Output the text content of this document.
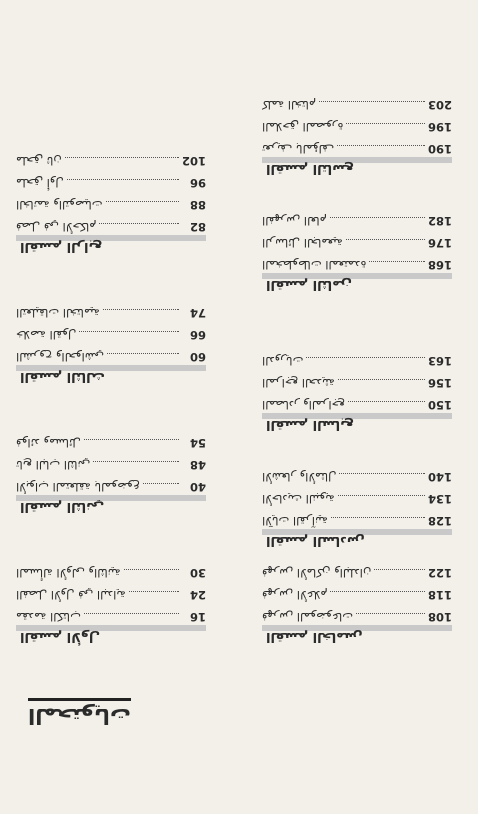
المحتويات
القسم الأول
مقدمة الكتاب	16
الفصل الأول في البداية	24
المسألة الأولى والثانية	30
القسم الثاني
الأبواب المتعلقة بالموضوع	40
تابع الباب الثاني	48
فوائد ومسائل	54
القسم الثالث
الشروح والحواشي	60
خلاصة القول	66
التعليقات الختامية	74
القسم الرابع
فصل في الأحكام	82
الخاتمة والتوصيات	88
ملحق أول	96
ملحق ثان	102
القسم الخامس
فهرس الموضوعات	108
فهرس الأعلام	118
فهرس الأماكن والبلدان	122
القسم السادس
الآيات القرآنية	128
الأحاديث النبوية	134
الأشعار والأمثال	140
القسم السابع
المصادر والمراجع	150
المراجع الحديثة	156
الدوريات	163
القسم الثامن
المخطوطات المعتمدة	168
الرسائل الجامعية	176
الفهرس العام	182
القسم التاسع
تعريف بالمؤلف	190
الملاحق المصورة	196
كلمة الختام	203
